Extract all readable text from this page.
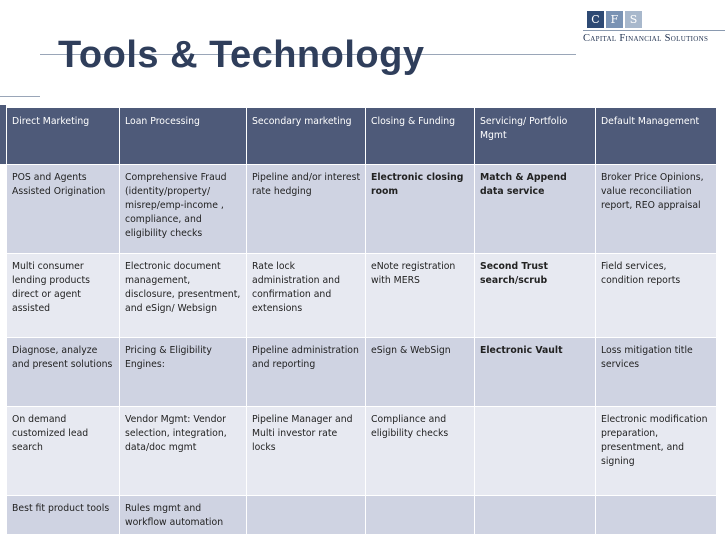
Tools & Technology
C F	S
Capital Financial Solutions
Direct Marketing	Loan Processing	Secondary marketing	Closing & Funding	Servicing/ Portfolio Mgmt	Default Management
POS and Agents Assisted Origination	Comprehensive Fraud (identity/property/ misrep/emp-income , compliance, and eligibility checks	Pipeline and/or interest rate hedging	Electronic closing room	Match & Append data service	Broker Price Opinions, value reconciliation report, REO appraisal
Multi consumer lending products direct or agent assisted	Electronic document management, disclosure, presentment, and eSign/ Websign	Rate lock administration and confirmation and extensions	eNote registration with MERS	Second Trust search/scrub	Field services, condition reports
Diagnose, analyze and present solutions	Pricing & Eligibility Engines:	Pipeline administration and reporting	eSign & WebSign	Electronic Vault	Loss mitigation title services
On demand customized lead search	Vendor Mgmt: Vendor selection, integration, data/doc mgmt	Pipeline Manager and Multi investor rate locks	Compliance and eligibility checks		Electronic modification preparation, presentment, and signing
Best fit product tools	Rules mgmt and workflow automation				
